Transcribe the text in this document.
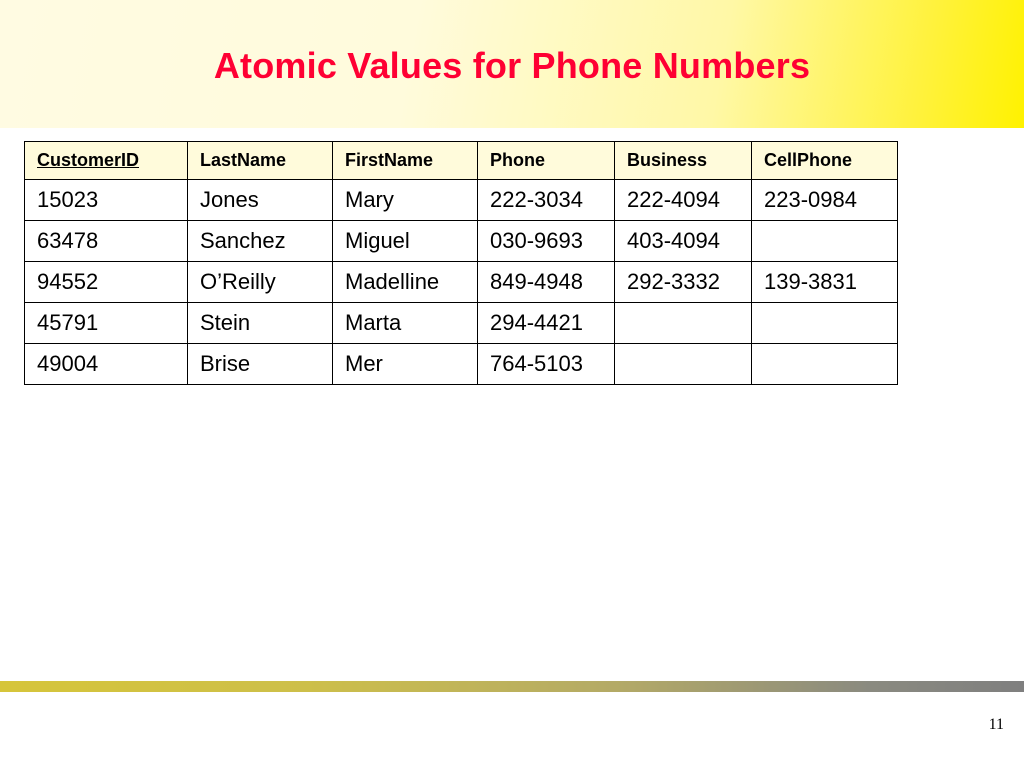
Atomic Values for Phone Numbers
CustomerID	LastName	FirstName	Phone	Business	CellPhone
15023	Jones	Mary	222-3034	222-4094	223-0984
63478	Sanchez	Miguel	030-9693	403-4094	
94552	O’Reilly	Madelline	849-4948	292-3332	139-3831
45791	Stein	Marta	294-4421		
49004	Brise	Mer	764-5103		
11
